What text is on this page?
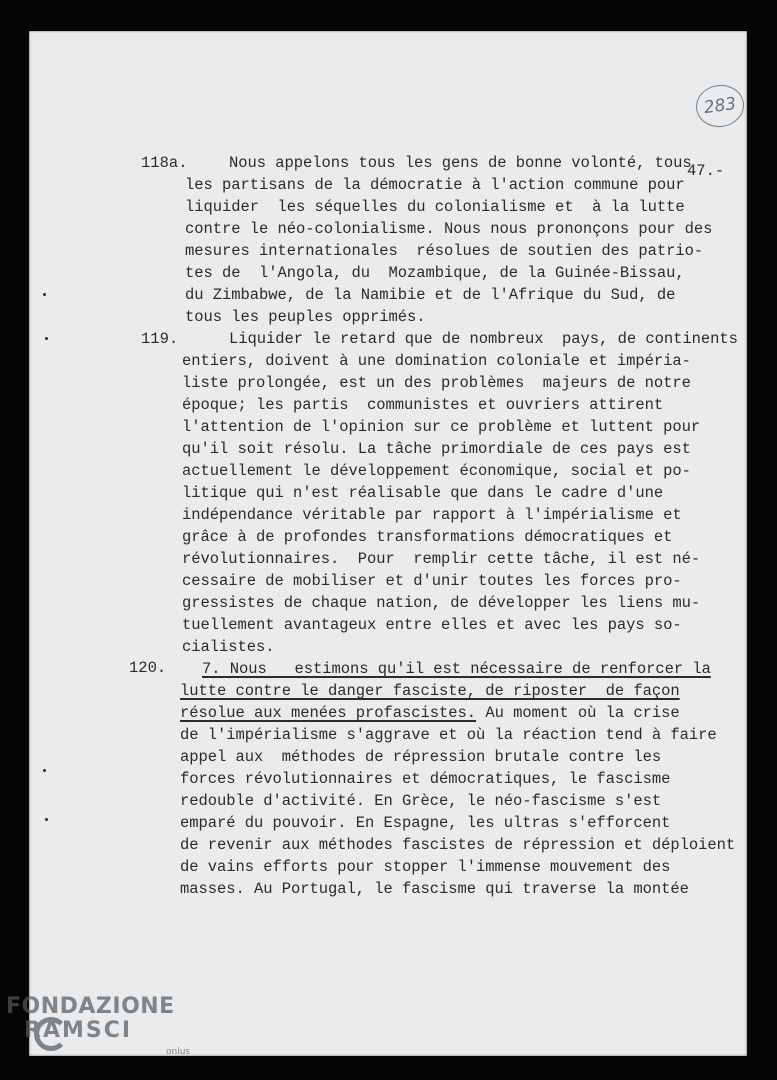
283
47.-
118a.	Nous appelons tous les gens de bonne volonté, tous
les partisans de la démocratie à l'action commune pour
liquider  les séquelles du colonialisme et  à la lutte
contre le néo-colonialisme. Nous nous prononçons pour des
mesures internationales  résolues de soutien des patrio-
tes de  l'Angola, du  Mozambique, de la Guinée-Bissau,
du Zimbabwe, de la Namibie et de l'Afrique du Sud, de
tous les peuples opprimés.
119.	Liquider le retard que de nombreux  pays, de continents
entiers, doivent à une domination coloniale et impéria-
liste prolongée, est un des problèmes  majeurs de notre
époque; les partis  communistes et ouvriers attirent
l'attention de l'opinion sur ce problème et luttent pour
qu'il soit résolu. La tâche primordiale de ces pays est
actuellement le développement économique, social et po-
litique qui n'est réalisable que dans le cadre d'une
indépendance véritable par rapport à l'impérialisme et
grâce à de profondes transformations démocratiques et
révolutionnaires.  Pour  remplir cette tâche, il est né-
cessaire de mobiliser et d'unir toutes les forces pro-
gressistes de chaque nation, de développer les liens mu-
tuellement avantageux entre elles et avec les pays so-
cialistes.
120. 7. Nous   estimons qu'il est nécessaire de renforcer la
lutte contre le danger fasciste, de riposter  de façon
résolue aux menées profascistes. Au moment où la crise
de l'impérialisme s'aggrave et où la réaction tend à faire
appel aux  méthodes de répression brutale contre les
forces révolutionnaires et démocratiques, le fascisme
redouble d'activité. En Grèce, le néo-fascisme s'est
emparé du pouvoir. En Espagne, les ultras s'efforcent
de revenir aux méthodes fascistes de répression et déploient
de vains efforts pour stopper l'immense mouvement des
masses. Au Portugal, le fascisme qui traverse la montée
FONDAZIONE
RAMSCI
onlus
